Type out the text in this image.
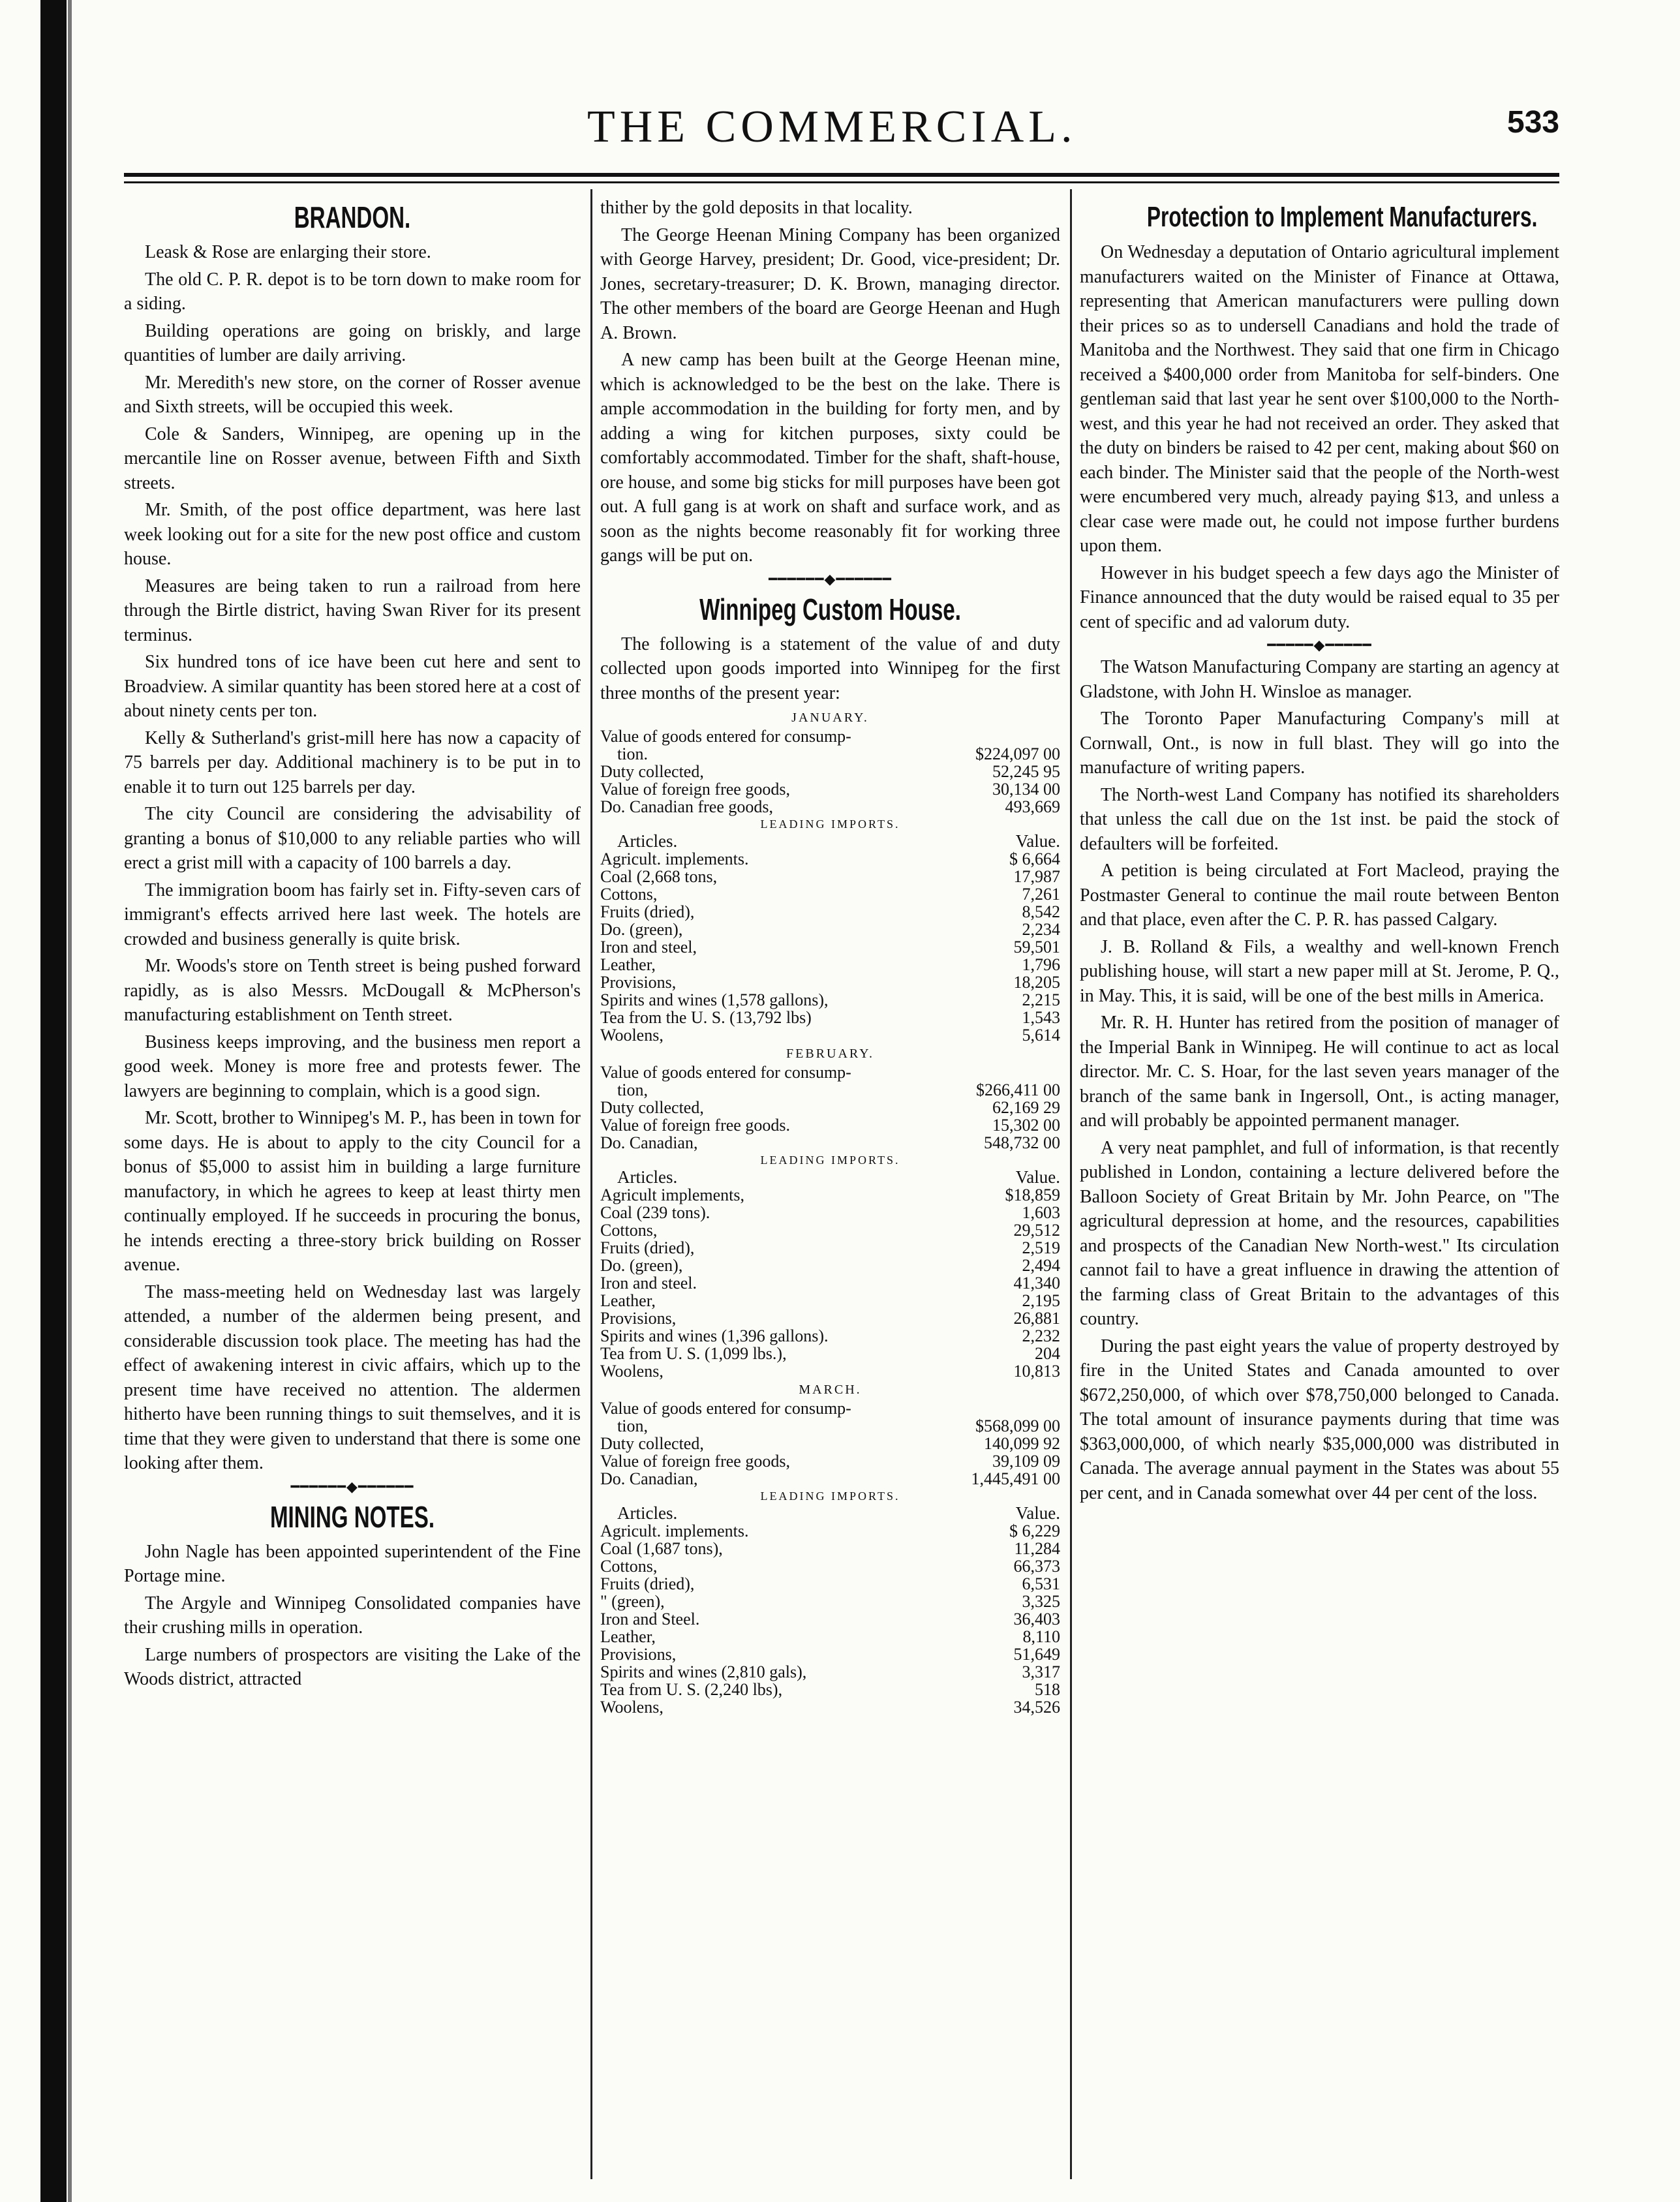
THE COMMERCIAL.	533
BRANDON.

Leask & Rose are enlarging their store.

The old C. P. R. depot is to be torn down to make room for a siding.

Building operations are going on briskly, and large quantities of lumber are daily arriving.

Mr. Meredith's new store, on the corner of Rosser avenue and Sixth streets, will be occupied this week.

Cole & Sanders, Winnipeg, are opening up in the mercantile line on Rosser avenue, between Fifth and Sixth streets.

Mr. Smith, of the post office department, was here last week looking out for a site for the new post office and custom house.

Measures are being taken to run a railroad from here through the Birtle district, having Swan River for its present terminus.

Six hundred tons of ice have been cut here and sent to Broadview. A similar quantity has been stored here at a cost of about ninety cents per ton.

Kelly & Sutherland's grist-mill here has now a capacity of 75 barrels per day. Additional machinery is to be put in to enable it to turn out 125 barrels per day.

The city Council are considering the advisability of granting a bonus of $10,000 to any reliable parties who will erect a grist mill with a capacity of 100 barrels a day.

The immigration boom has fairly set in. Fifty-seven cars of immigrant's effects arrived here last week. The hotels are crowded and business generally is quite brisk.

Mr. Woods's store on Tenth street is being pushed forward rapidly, as is also Messrs. McDougall & McPherson's manufacturing establishment on Tenth street.

Business keeps improving, and the business men report a good week. Money is more free and protests fewer. The lawyers are beginning to complain, which is a good sign.

Mr. Scott, brother to Winnipeg's M. P., has been in town for some days. He is about to apply to the city Council for a bonus of $5,000 to assist him in building a large furniture manufactory, in which he agrees to keep at least thirty men continually employed. If he succeeds in procuring the bonus, he intends erecting a three-story brick building on Rosser avenue.

The mass-meeting held on Wednesday last was largely attended, a number of the aldermen being present, and considerable discussion took place. The meeting has had the effect of awakening interest in civic affairs, which up to the present time have received no attention. The aldermen hitherto have been running things to suit themselves, and it is time that they were given to understand that there is some one looking after them.

━━━━━━◆━━━━━━
MINING NOTES.

John Nagle has been appointed superintendent of the Fine Portage mine.

The Argyle and Winnipeg Consolidated companies have their crushing mills in operation.

Large numbers of prospectors are visiting the Lake of the Woods district, attracted

thither by the gold deposits in that locality.

The George Heenan Mining Company has been organized with George Harvey, president; Dr. Good, vice-president; Dr. Jones, secretary-treasurer; D. K. Brown, managing director. The other members of the board are George Heenan and Hugh A. Brown.

A new camp has been built at the George Heenan mine, which is acknowledged to be the best on the lake. There is ample accommodation in the building for forty men, and by adding a wing for kitchen purposes, sixty could be comfortably accommodated. Timber for the shaft, shaft-house, ore house, and some big sticks for mill purposes have been got out. A full gang is at work on shaft and surface work, and as soon as the nights become reasonably fit for working three gangs will be put on.

━━━━━━◆━━━━━━
Winnipeg Custom House.

The following is a statement of the value of and duty collected upon goods imported into Winnipeg for the first three months of the present year:

JANUARY.
Value of goods entered for consump-	
tion.	$224,097 00
Duty collected,	52,245 95
Value of foreign free goods,	30,134 00
Do. Canadian free goods,	493,669
LEADING IMPORTS.
Articles.	Value.
Agricult. implements.	$ 6,664
Coal (2,668 tons,	17,987
Cottons,	7,261
Fruits (dried),	8,542
Do. (green),	2,234
Iron and steel,	59,501
Leather,	1,796
Provisions,	18,205
Spirits and wines (1,578 gallons),	2,215
Tea from the U. S. (13,792 lbs)	1,543
Woolens,	5,614
FEBRUARY.
Value of goods entered for consump-	
tion,	$266,411 00
Duty collected,	62,169 29
Value of foreign free goods.	15,302 00
Do. Canadian,	548,732 00
LEADING IMPORTS.
Articles.	Value.
Agricult implements,	$18,859
Coal (239 tons).	1,603
Cottons,	29,512
Fruits (dried),	2,519
Do. (green),	2,494
Iron and steel.	41,340
Leather,	2,195
Provisions,	26,881
Spirits and wines (1,396 gallons).	2,232
Tea from U. S. (1,099 lbs.),	204
Woolens,	10,813
MARCH.
Value of goods entered for consump-	
tion,	$568,099 00
Duty collected,	140,099 92
Value of foreign free goods,	39,109 09
Do. Canadian,	1,445,491 00
LEADING IMPORTS.
Articles.	Value.
Agricult. implements.	$ 6,229
Coal (1,687 tons),	11,284
Cottons,	66,373
Fruits (dried),	6,531
" (green),	3,325
Iron and Steel.	36,403
Leather,	8,110
Provisions,	51,649
Spirits and wines (2,810 gals),	3,317
Tea from U. S. (2,240 lbs),	518
Woolens,	34,526
Protection to Implement Manufacturers.

On Wednesday a deputation of Ontario agricultural implement manufacturers waited on the Minister of Finance at Ottawa, representing that American manufacturers were pulling down their prices so as to undersell Canadians and hold the trade of Manitoba and the Northwest. They said that one firm in Chicago received a $400,000 order from Manitoba for self-binders. One gentleman said that last year he sent over $100,000 to the North-west, and this year he had not received an order. They asked that the duty on binders be raised to 42 per cent, making about $60 on each binder. The Minister said that the people of the North-west were encumbered very much, already paying $13, and unless a clear case were made out, he could not impose further burdens upon them.

However in his budget speech a few days ago the Minister of Finance announced that the duty would be raised equal to 35 per cent of specific and ad valorum duty.

━━━━━◆━━━━━

The Watson Manufacturing Company are starting an agency at Gladstone, with John H. Winsloe as manager.

The Toronto Paper Manufacturing Company's mill at Cornwall, Ont., is now in full blast. They will go into the manufacture of writing papers.

The North-west Land Company has notified its shareholders that unless the call due on the 1st inst. be paid the stock of defaulters will be forfeited.

A petition is being circulated at Fort Macleod, praying the Postmaster General to continue the mail route between Benton and that place, even after the C. P. R. has passed Calgary.

J. B. Rolland & Fils, a wealthy and well-known French publishing house, will start a new paper mill at St. Jerome, P. Q., in May. This, it is said, will be one of the best mills in America.

Mr. R. H. Hunter has retired from the position of manager of the Imperial Bank in Winnipeg. He will continue to act as local director. Mr. C. S. Hoar, for the last seven years manager of the branch of the same bank in Ingersoll, Ont., is acting manager, and will probably be appointed permanent manager.

A very neat pamphlet, and full of information, is that recently published in London, containing a lecture delivered before the Balloon Society of Great Britain by Mr. John Pearce, on "The agricultural depression at home, and the resources, capabilities and prospects of the Canadian New North-west." Its circulation cannot fail to have a great influence in drawing the attention of the farming class of Great Britain to the advantages of this country.

During the past eight years the value of property destroyed by fire in the United States and Canada amounted to over $672,250,000, of which over $78,750,000 belonged to Canada. The total amount of insurance payments during that time was $363,000,000, of which nearly $35,000,000 was distributed in Canada. The average annual payment in the States was about 55 per cent, and in Canada somewhat over 44 per cent of the loss.
